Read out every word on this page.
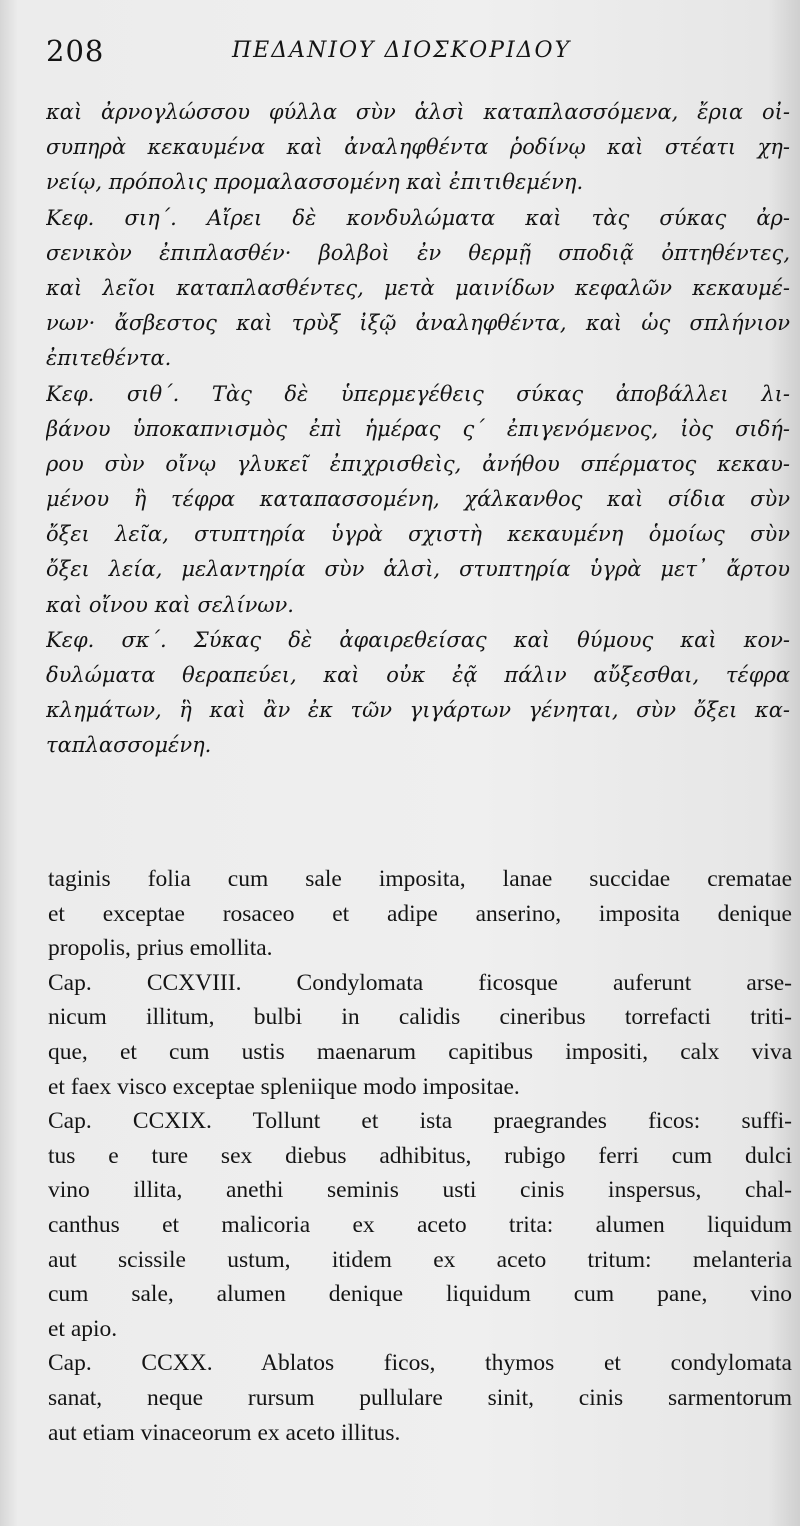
208	ΠΕΔΑΝΙΟΥ ΔΙΟΣΚΟΡΙΔΟΥ
καὶ ἀρνογλώσσου φύλλα σὺν ἁλσὶ καταπλασσόμενα, ἔρια οἰ-
συπηρὰ κεκαυμένα καὶ ἀναληφθέντα ῥοδίνῳ καὶ στέατι χη-
νείῳ, πρόπολις προμαλασσομένη καὶ ἐπιτιθεμένη.
Κεφ. σιη΄. Αἴρει δὲ κονδυλώματα καὶ τὰς σύκας ἀρ-
σενικὸν ἐπιπλασθέν· βολβοὶ ἐν θερμῇ σποδιᾷ ὀπτηθέντες,
καὶ λεῖοι καταπλασθέντες, μετὰ μαινίδων κεφαλῶν κεκαυμέ-
νων· ἄσβεστος καὶ τρὺξ ἰξῷ ἀναληφθέντα, καὶ ὡς σπλήνιον
ἐπιτεθέντα.
Κεφ. σιθ΄. Τὰς δὲ ὑπερμεγέθεις σύκας ἀποβάλλει λι-
βάνου ὑποκαπνισμὸς ἐπὶ ἡμέρας ς΄ ἐπιγενόμενος, ἰὸς σιδή-
ρου σὺν οἴνῳ γλυκεῖ ἐπιχρισθεὶς, ἀνήθου σπέρματος κεκαυ-
μένου ἢ τέφρα καταπασσομένη, χάλκανθος καὶ σίδια σὺν
ὄξει λεῖα, στυπτηρία ὑγρὰ σχιστὴ κεκαυμένη ὁμοίως σὺν
ὄξει λεία, μελαντηρία σὺν ἁλσὶ, στυπτηρία ὑγρὰ μετ᾽ ἄρτου
καὶ οἴνου καὶ σελίνων.
Κεφ. σκ΄. Σύκας δὲ ἀφαιρεθείσας καὶ θύμους καὶ κον-
δυλώματα θεραπεύει, καὶ οὐκ ἐᾷ πάλιν αὔξεσθαι, τέφρα
κλημάτων, ἣ καὶ ἂν ἐκ τῶν γιγάρτων γένηται, σὺν ὄξει κα-
ταπλασσομένη.
taginis folia cum sale imposita, lanae succidae crematae
et exceptae rosaceo et adipe anserino, imposita denique
propolis, prius emollita.
Cap. CCXVIII. Condylomata ficosque auferunt arse-
nicum illitum, bulbi in calidis cineribus torrefacti triti-
que, et cum ustis maenarum capitibus impositi, calx viva
et faex visco exceptae spleniique modo impositae.
Cap. CCXIX. Tollunt et ista praegrandes ficos: suffi-
tus e ture sex diebus adhibitus, rubigo ferri cum dulci
vino illita, anethi seminis usti cinis inspersus, chal-
canthus et malicoria ex aceto trita: alumen liquidum
aut scissile ustum, itidem ex aceto tritum: melanteria
cum sale, alumen denique liquidum cum pane, vino
et apio.
Cap. CCXX. Ablatos ficos, thymos et condylomata
sanat, neque rursum pullulare sinit, cinis sarmentorum
aut etiam vinaceorum ex aceto illitus.
